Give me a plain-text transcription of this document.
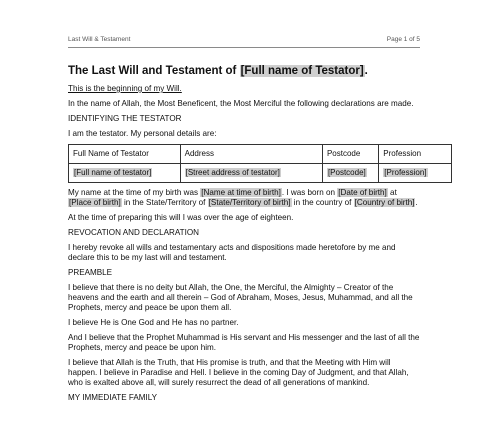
Last Will & Testament	Page 1 of 5
The Last Will and Testament of [Full name of Testator].

This is the beginning of my Will.

In the name of Allah, the Most Beneficent, the Most Merciful the following declarations are made.

IDENTIFYING THE TESTATOR

I am the testator. My personal details are:

Full Name of Testator	Address	Postcode	Profession
[Full name of testator]	[Street address of testator]	[Postcode]	[Profession]

My name at the time of my birth was [Name at time of birth]. I was born on [Date of birth] at [Place of birth] in the State/Territory of [State/Territory of birth] in the country of [Country of birth].

At the time of preparing this will I was over the age of eighteen.

REVOCATION AND DECLARATION

I hereby revoke all wills and testamentary acts and dispositions made heretofore by me and declare this to be my last will and testament.

PREAMBLE

I believe that there is no deity but Allah, the One, the Merciful, the Almighty – Creator of the heavens and the earth and all therein – God of Abraham, Moses, Jesus, Muhammad, and all the Prophets, mercy and peace be upon them all.

I believe He is One God and He has no partner.

And I believe that the Prophet Muhammad is His servant and His messenger and the last of all the Prophets, mercy and peace be upon him.

I believe that Allah is the Truth, that His promise is truth, and that the Meeting with Him will happen. I believe in Paradise and Hell. I believe in the coming Day of Judgment, and that Allah, who is exalted above all, will surely resurrect the dead of all generations of mankind.

MY IMMEDIATE FAMILY
